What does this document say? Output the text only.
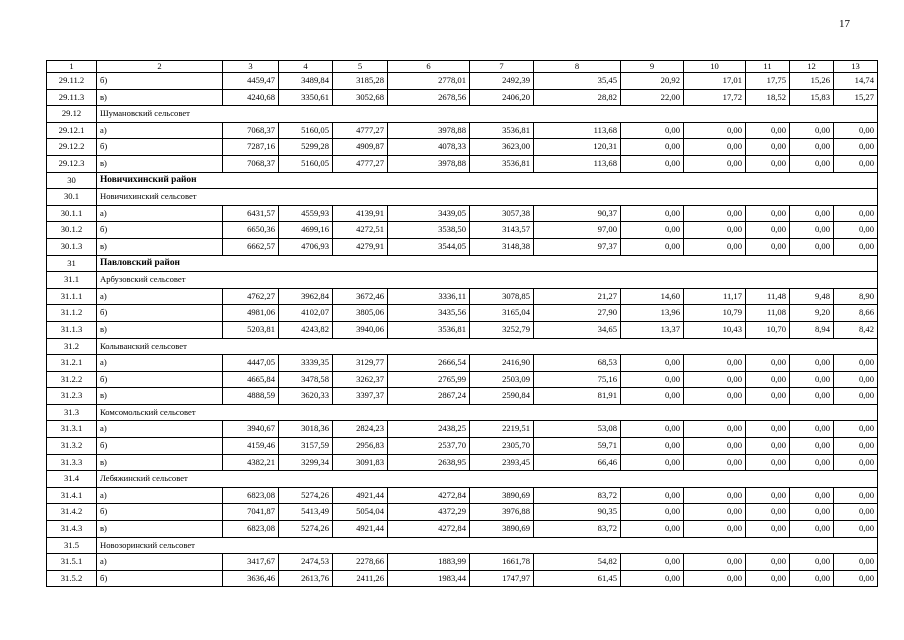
17
1	2	3	4	5	6	7	8	9	10	11	12	13
29.11.2	б)	4459,47	3489,84	3185,28	2778,01	2492,39	35,45	20,92	17,01	17,75	15,26	14,74
29.11.3	в)	4240,68	3350,61	3052,68	2678,56	2406,20	28,82	22,00	17,72	18,52	15,83	15,27
29.12	Шумановский сельсовет											
29.12.1	а)	7068,37	5160,05	4777,27	3978,88	3536,81	113,68	0,00	0,00	0,00	0,00	0,00
29.12.2	б)	7287,16	5299,28	4909,87	4078,33	3623,00	120,31	0,00	0,00	0,00	0,00	0,00
29.12.3	в)	7068,37	5160,05	4777,27	3978,88	3536,81	113,68	0,00	0,00	0,00	0,00	0,00
30	Новичихинский район											
30.1	Новичихинский сельсовет											
30.1.1	а)	6431,57	4559,93	4139,91	3439,05	3057,38	90,37	0,00	0,00	0,00	0,00	0,00
30.1.2	б)	6650,36	4699,16	4272,51	3538,50	3143,57	97,00	0,00	0,00	0,00	0,00	0,00
30.1.3	в)	6662,57	4706,93	4279,91	3544,05	3148,38	97,37	0,00	0,00	0,00	0,00	0,00
31	Павловский район											
31.1	Арбузовский сельсовет											
31.1.1	а)	4762,27	3962,84	3672,46	3336,11	3078,85	21,27	14,60	11,17	11,48	9,48	8,90
31.1.2	б)	4981,06	4102,07	3805,06	3435,56	3165,04	27,90	13,96	10,79	11,08	9,20	8,66
31.1.3	в)	5203,81	4243,82	3940,06	3536,81	3252,79	34,65	13,37	10,43	10,70	8,94	8,42
31.2	Колыванский сельсовет											
31.2.1	а)	4447,05	3339,35	3129,77	2666,54	2416,90	68,53	0,00	0,00	0,00	0,00	0,00
31.2.2	б)	4665,84	3478,58	3262,37	2765,99	2503,09	75,16	0,00	0,00	0,00	0,00	0,00
31.2.3	в)	4888,59	3620,33	3397,37	2867,24	2590,84	81,91	0,00	0,00	0,00	0,00	0,00
31.3	Комсомольский сельсовет											
31.3.1	а)	3940,67	3018,36	2824,23	2438,25	2219,51	53,08	0,00	0,00	0,00	0,00	0,00
31.3.2	б)	4159,46	3157,59	2956,83	2537,70	2305,70	59,71	0,00	0,00	0,00	0,00	0,00
31.3.3	в)	4382,21	3299,34	3091,83	2638,95	2393,45	66,46	0,00	0,00	0,00	0,00	0,00
31.4	Лебяжинский сельсовет											
31.4.1	а)	6823,08	5274,26	4921,44	4272,84	3890,69	83,72	0,00	0,00	0,00	0,00	0,00
31.4.2	б)	7041,87	5413,49	5054,04	4372,29	3976,88	90,35	0,00	0,00	0,00	0,00	0,00
31.4.3	в)	6823,08	5274,26	4921,44	4272,84	3890,69	83,72	0,00	0,00	0,00	0,00	0,00
31.5	Новозоринский сельсовет											
31.5.1	а)	3417,67	2474,53	2278,66	1883,99	1661,78	54,82	0,00	0,00	0,00	0,00	0,00
31.5.2	б)	3636,46	2613,76	2411,26	1983,44	1747,97	61,45	0,00	0,00	0,00	0,00	0,00
